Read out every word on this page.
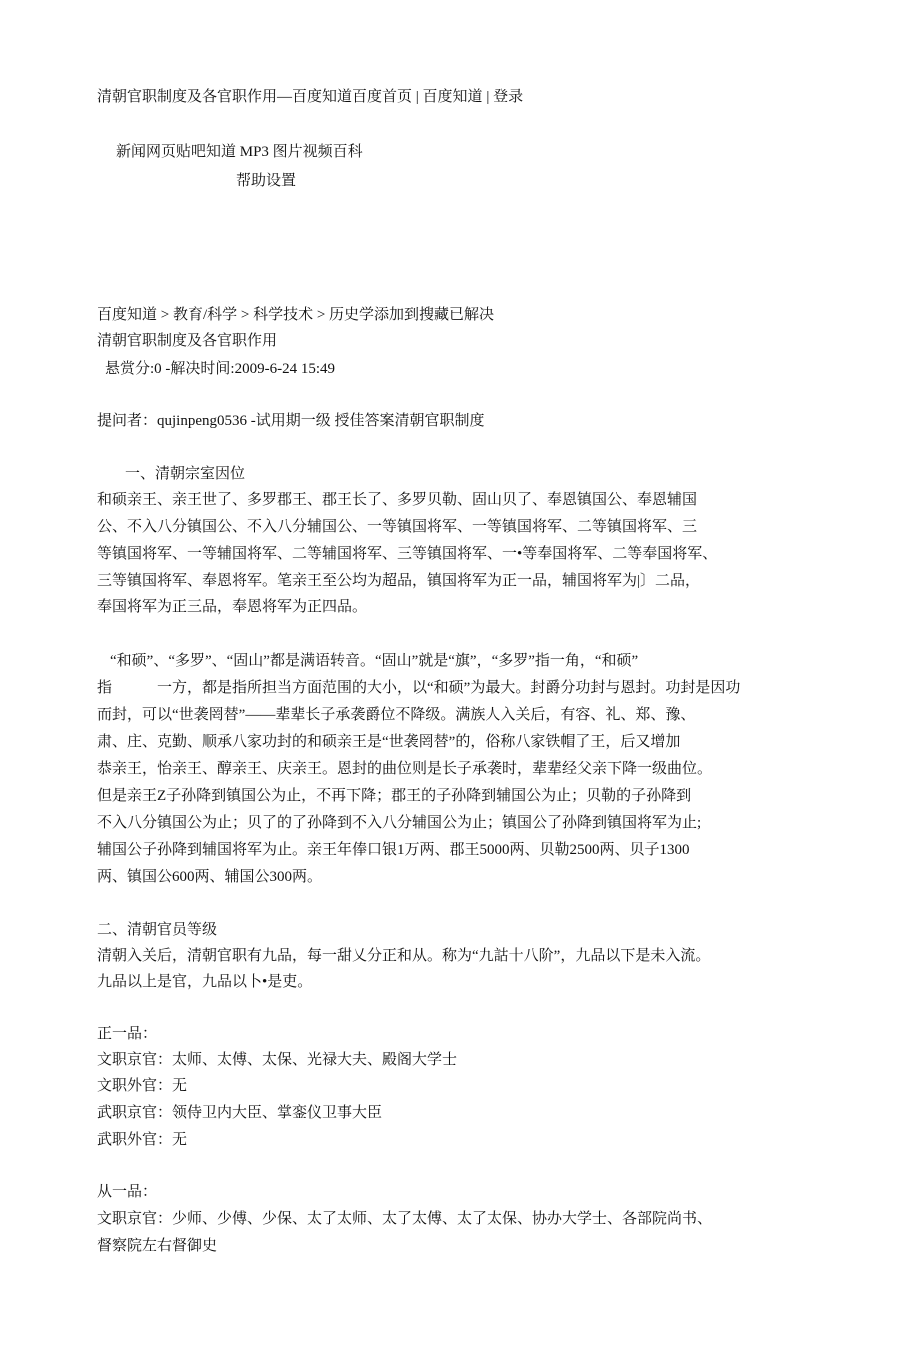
清朝官职制度及各官职作用—百度知道百度首页 | 百度知道 | 登录
新闻网页贴吧知道 MP3 图片视频百科
帮助设置
百度知道 > 教育/科学 > 科学技术 > 历史学添加到搜藏已解决
清朝官职制度及各官职作用
悬赏分:0 -解决时间:2009-6-24 15:49
提问者：qujinpeng0536 -试用期一级 授佳答案清朝官职制度
一、清朝宗室因位
和硕亲王、亲王世了、多罗郡王、郡王长了、多罗贝勒、固山贝了、奉恩镇国公、奉恩辅国
公、不入八分镇国公、不入八分辅国公、一等镇国将军、一等镇国将军、二等镇国将军、三
等镇国将军、一等辅国将军、二等辅国将军、三等镇国将军、一•等奉国将军、二等奉国将军、
三等镇国将军、奉恩将军。笔亲王至公均为超品，镇国将军为正一品，辅国将军为|〕二品，
奉国将军为正三品，奉恩将军为正四品。
“和硕”、“多罗”、“固山”都是满语转音。“固山”就是“旗”，“多罗”指一角，“和硕”
指　　　一方，都是指所担当方面范围的大小，以“和硕”为最大。封爵分功封与恩封。功封是因功
而封，可以“世袭罔替”——辈辈长子承袭爵位不降级。满族人入关后，有容、礼、郑、豫、
肃、庄、克勤、顺承八家功封的和硕亲王是“世袭罔替”的，俗称八家铁帽了王，后又增加
恭亲王，怡亲王、醇亲王、庆亲王。恩封的曲位则是长子承袭时，辈辈经父亲下降一级曲位。
但是亲王Z子孙降到镇国公为止，不再下降；郡王的子孙降到辅国公为止；贝勒的子孙降到
不入八分镇国公为止；贝了的了孙降到不入八分辅国公为止；镇国公了孙降到镇国将军为止;
辅国公子孙降到辅国将军为止。亲王年俸口银1万两、郡王5000两、贝勒2500两、贝子1300
两、镇国公600两、辅国公300两。
二、清朝官员等级
清朝入关后，清朝官职有九品，每一甜乂分正和从。称为“九詁十八阶”，九品以下是未入流。
九品以上是官，九品以卜•是吏。
正一品：
文职京官：太师、太傅、太保、光禄大夫、殿阁大学士
文职外官：无
武职京官：领侍卫内大臣、掌銮仪卫事大臣
武职外官：无
从一品：
文职京官：少师、少傅、少保、太了太师、太了太傅、太了太保、协办大学士、各部院尚书、
督察院左右督御史
